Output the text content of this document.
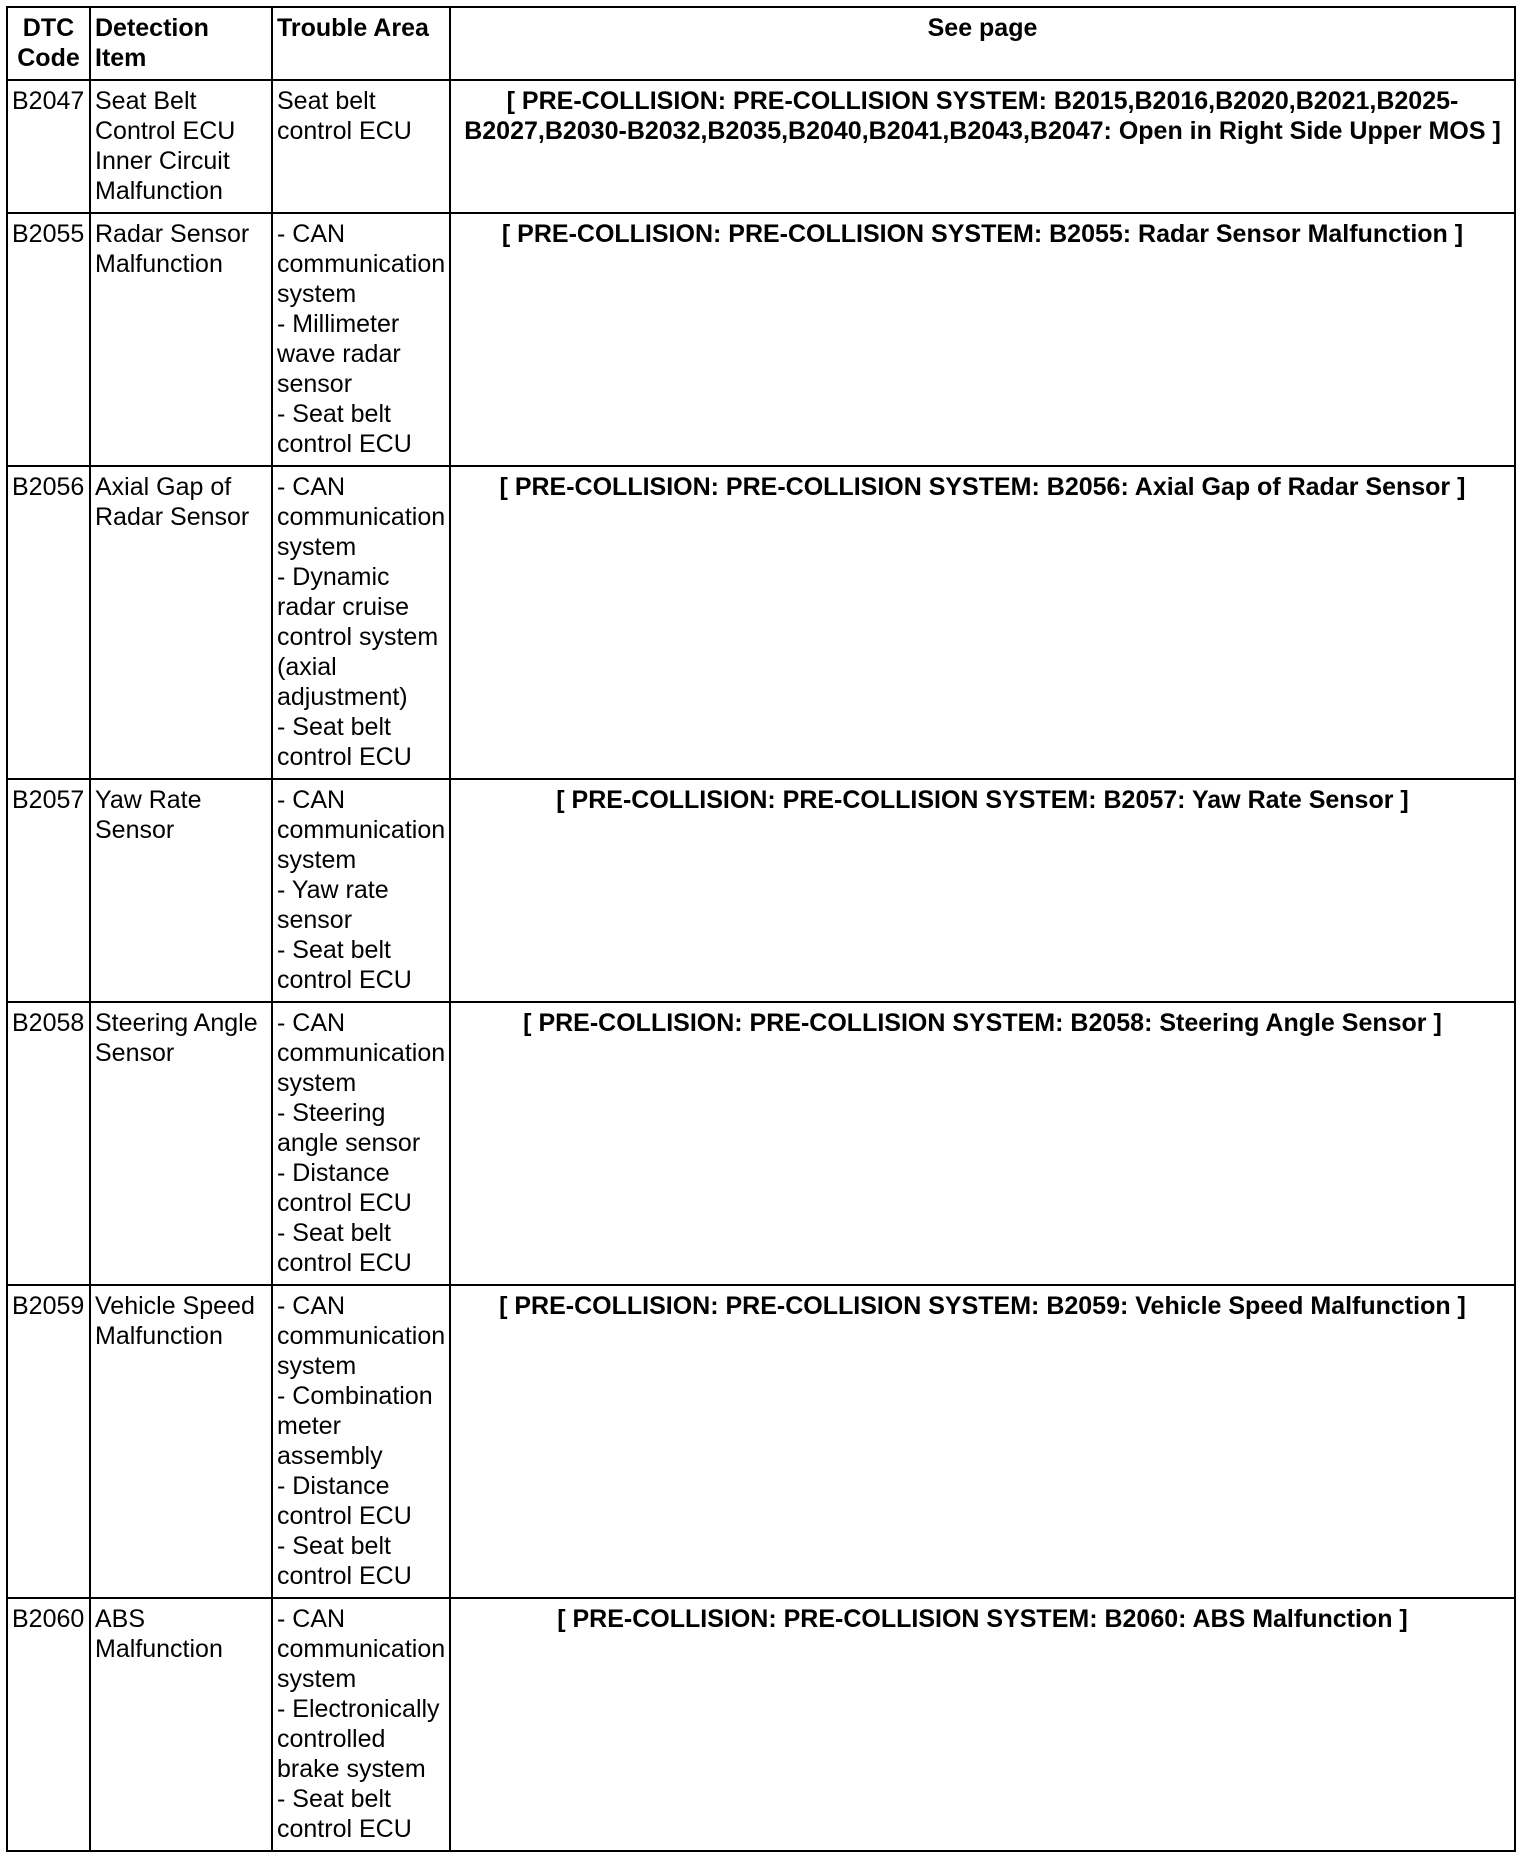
DTC Code	Detection Item	Trouble Area	See page
B2047	Seat Belt Control ECU Inner Circuit Malfunction	Seat belt control ECU	[ PRE-COLLISION: PRE-COLLISION SYSTEM: B2015,B2016,B2020,B2021,B2025-B2027,B2030-B2032,B2035,B2040,B2041,B2043,B2047: Open in Right Side Upper MOS ]
B2055	Radar Sensor Malfunction	- CAN communication system
- Millimeter wave radar sensor
- Seat belt control ECU	[ PRE-COLLISION: PRE-COLLISION SYSTEM: B2055: Radar Sensor Malfunction ]
B2056	Axial Gap of Radar Sensor	- CAN communication system
- Dynamic radar cruise control system (axial adjustment)
- Seat belt control ECU	[ PRE-COLLISION: PRE-COLLISION SYSTEM: B2056: Axial Gap of Radar Sensor ]
B2057	Yaw Rate Sensor	- CAN communication system
- Yaw rate sensor
- Seat belt control ECU	[ PRE-COLLISION: PRE-COLLISION SYSTEM: B2057: Yaw Rate Sensor ]
B2058	Steering Angle Sensor	- CAN communication system
- Steering angle sensor
- Distance control ECU
- Seat belt control ECU	[ PRE-COLLISION: PRE-COLLISION SYSTEM: B2058: Steering Angle Sensor ]
B2059	Vehicle Speed Malfunction	- CAN communication system
- Combination meter assembly
- Distance control ECU
- Seat belt control ECU	[ PRE-COLLISION: PRE-COLLISION SYSTEM: B2059: Vehicle Speed Malfunction ]
B2060	ABS Malfunction	- CAN communication system
- Electronically controlled brake system
- Seat belt control ECU	[ PRE-COLLISION: PRE-COLLISION SYSTEM: B2060: ABS Malfunction ]
